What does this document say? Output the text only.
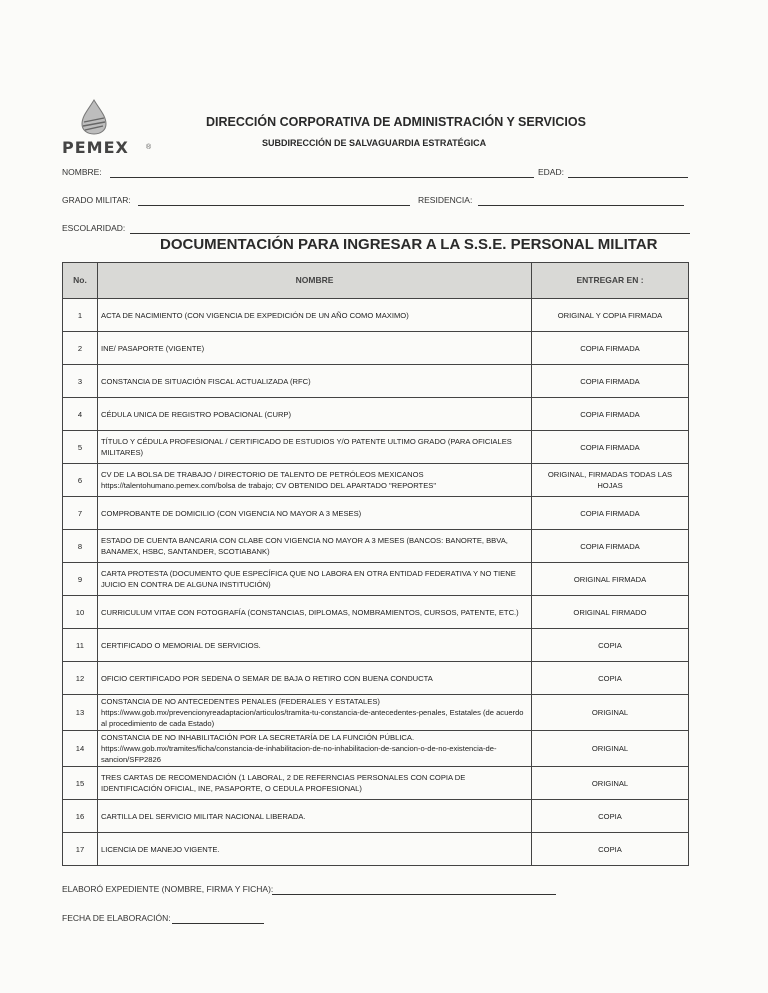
PEMEX ®
DIRECCIÓN CORPORATIVA DE ADMINISTRACIÓN Y SERVICIOS
SUBDIRECCIÓN DE SALVAGUARDIA ESTRATÉGICA
NOMBRE:	EDAD:
GRADO MILITAR:	RESIDENCIA:
ESCOLARIDAD:
DOCUMENTACIÓN PARA INGRESAR A LA S.S.E. PERSONAL MILITAR
No.	NOMBRE	ENTREGAR EN :
1	ACTA DE NACIMIENTO (CON VIGENCIA DE EXPEDICIÓN DE UN AÑO COMO MAXIMO)	ORIGINAL Y COPIA FIRMADA
2	INE/ PASAPORTE (VIGENTE)	COPIA FIRMADA
3	CONSTANCIA DE SITUACIÓN FISCAL ACTUALIZADA (RFC)	COPIA FIRMADA
4	CÉDULA UNICA DE REGISTRO POBACIONAL (CURP)	COPIA FIRMADA
5	TÍTULO Y CÉDULA PROFESIONAL / CERTIFICADO DE ESTUDIOS Y/O PATENTE ULTIMO GRADO (PARA OFICIALES MILITARES)	COPIA FIRMADA
6	CV DE LA BOLSA DE TRABAJO / DIRECTORIO DE TALENTO DE PETRÓLEOS MEXICANOS https://talentohumano.pemex.com/bolsa de trabajo; CV OBTENIDO DEL APARTADO "REPORTES"	ORIGINAL, FIRMADAS TODAS LAS HOJAS
7	COMPROBANTE DE DOMICILIO (CON VIGENCIA NO MAYOR A 3 MESES)	COPIA FIRMADA
8	ESTADO DE CUENTA BANCARIA CON CLABE CON VIGENCIA NO MAYOR A 3 MESES (BANCOS: BANORTE, BBVA, BANAMEX, HSBC, SANTANDER, SCOTIABANK)	COPIA FIRMADA
9	CARTA PROTESTA (DOCUMENTO QUE ESPECÍFICA QUE NO LABORA EN OTRA ENTIDAD FEDERATIVA Y NO TIENE JUICIO EN CONTRA DE ALGUNA INSTITUCIÓN)	ORIGINAL FIRMADA
10	CURRICULUM VITAE CON FOTOGRAFÍA (CONSTANCIAS, DIPLOMAS, NOMBRAMIENTOS, CURSOS, PATENTE, ETC.)	ORIGINAL FIRMADO
11	CERTIFICADO O MEMORIAL DE SERVICIOS.	COPIA
12	OFICIO CERTIFICADO POR SEDENA O SEMAR DE BAJA O RETIRO CON BUENA CONDUCTA	COPIA
13	CONSTANCIA DE NO ANTECEDENTES PENALES (FEDERALES Y ESTATALES) https://www.gob.mx/prevencionyreadaptacion/articulos/tramita-tu-constancia-de-antecedentes-penales, Estatales (de acuerdo al procedimiento de cada Estado)	ORIGINAL
14	CONSTANCIA DE NO INHABILITACIÓN POR LA SECRETARÍA DE LA FUNCIÓN PÚBLICA. https://www.gob.mx/tramites/ficha/constancia-de-inhabilitacion-de-no-inhabilitacion-de-sancion-o-de-no-existencia-de-sancion/SFP2826	ORIGINAL
15	TRES CARTAS DE RECOMENDACIÓN (1 LABORAL, 2 DE REFERNCIAS PERSONALES CON COPIA DE IDENTIFICACIÓN OFICIAL, INE, PASAPORTE, O CEDULA PROFESIONAL)	ORIGINAL
16	CARTILLA DEL SERVICIO MILITAR NACIONAL LIBERADA.	COPIA
17	LICENCIA DE MANEJO VIGENTE.	COPIA
ELABORÓ EXPEDIENTE (NOMBRE, FIRMA Y FICHA):
FECHA DE ELABORACIÓN:
